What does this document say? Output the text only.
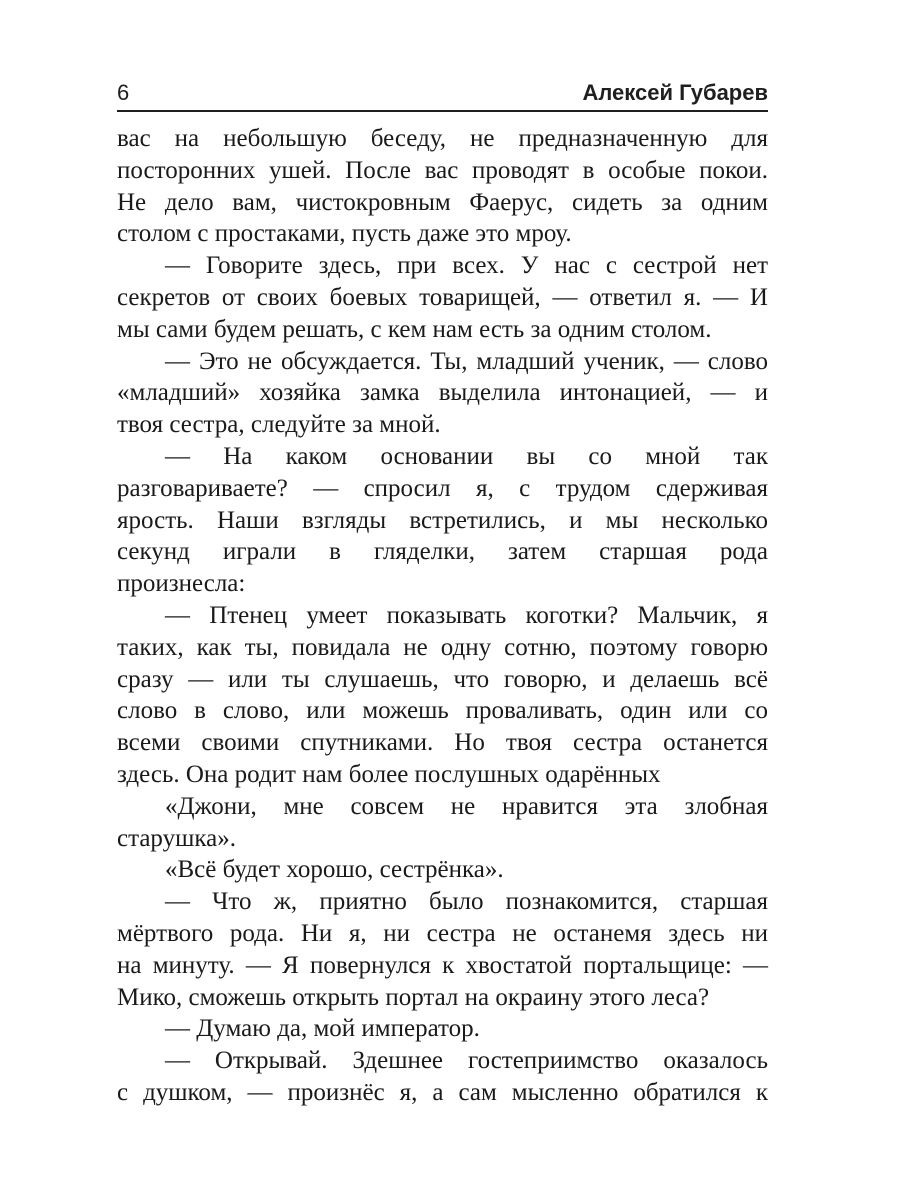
6	Алексей Губарев
вас на небольшую беседу, не предназначенную для
посторонних ушей. После вас проводят в особые покои.
Не дело вам, чистокровным Фаерус, сидеть за одним
столом с простаками, пусть даже это мроу.
— Говорите здесь, при всех. У нас с сестрой нет
секретов от своих боевых товарищей, — ответил я. — И
мы сами будем решать, с кем нам есть за одним столом.
— Это не обсуждается. Ты, младший ученик, — слово
«младший» хозяйка замка выделила интонацией, — и
твоя сестра, следуйте за мной.
— На каком основании вы со мной так
разговариваете? — спросил я, с трудом сдерживая
ярость. Наши взгляды встретились, и мы несколько
секунд играли в гляделки, затем старшая рода
произнесла:
— Птенец умеет показывать коготки? Мальчик, я
таких, как ты, повидала не одну сотню, поэтому говорю
сразу — или ты слушаешь, что говорю, и делаешь всё
слово в слово, или можешь проваливать, один или со
всеми своими спутниками. Но твоя сестра останется
здесь. Она родит нам более послушных одарённых
«Джони, мне совсем не нравится эта злобная
старушка».
«Всё будет хорошо, сестрёнка».
— Что ж, приятно было познакомится, старшая
мёртвого рода. Ни я, ни сестра не останемя здесь ни
на минуту. — Я повернулся к хвостатой портальщице: —
Мико, сможешь открыть портал на окраину этого леса?
— Думаю да, мой император.
— Открывай. Здешнее гостеприимство оказалось
с душком, — произнёс я, а сам мысленно обратился к
